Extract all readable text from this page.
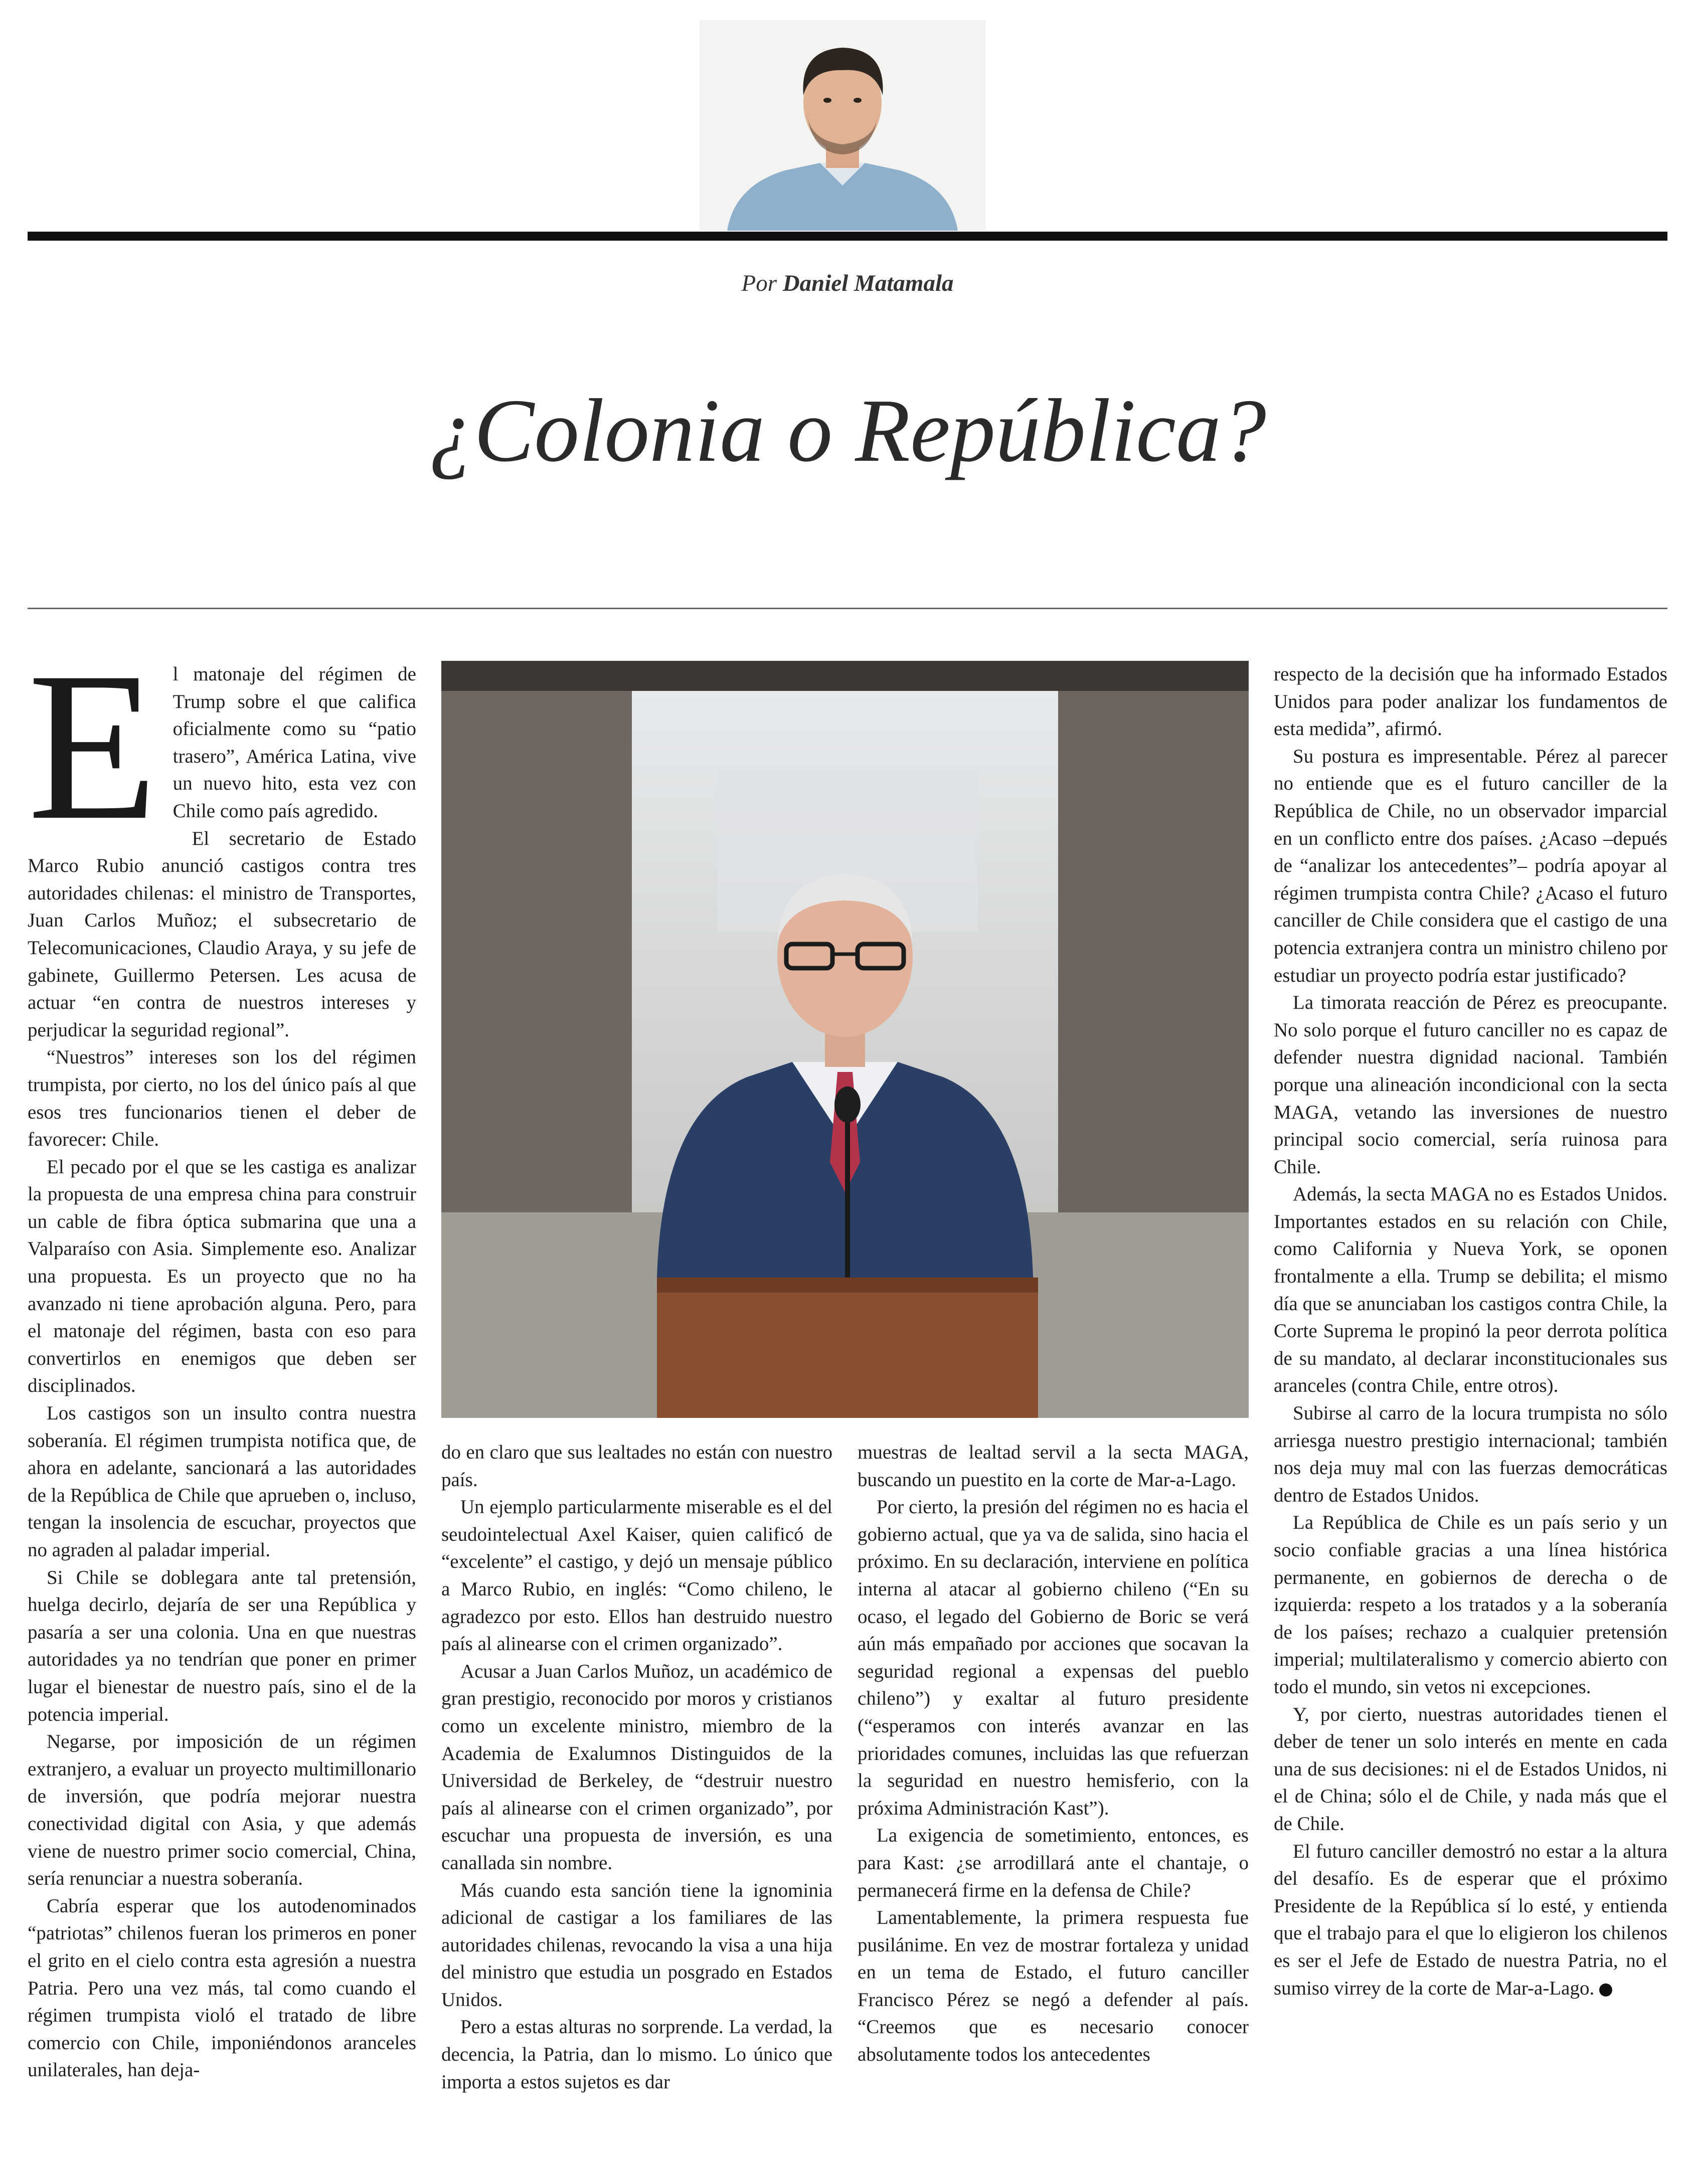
Por Daniel Matamala
¿Colonia o República?
E l matonaje del régimen de Trump sobre el que califica oficialmente como su “patio trasero”, América Latina, vive un nuevo hito, esta vez con Chile como país agredido.

El secretario de Estado Marco Rubio anunció castigos contra tres autoridades chilenas: el ministro de Transportes, Juan Carlos Muñoz; el subsecretario de Telecomunicaciones, Claudio Araya, y su jefe de gabinete, Guillermo Petersen. Les acusa de actuar “en contra de nuestros intereses y perjudicar la seguridad regional”.

“Nuestros” intereses son los del régimen trumpista, por cierto, no los del único país al que esos tres funcionarios tienen el deber de favorecer: Chile.

El pecado por el que se les castiga es analizar la propuesta de una empresa china para construir un cable de fibra óptica submarina que una a Valparaíso con Asia. Simplemente eso. Analizar una propuesta. Es un proyecto que no ha avanzado ni tiene aprobación alguna. Pero, para el matonaje del régimen, basta con eso para convertirlos en enemigos que deben ser disciplinados.

Los castigos son un insulto contra nuestra soberanía. El régimen trumpista notifica que, de ahora en adelante, sancionará a las autoridades de la República de Chile que aprueben o, incluso, tengan la insolencia de escuchar, proyectos que no agraden al paladar imperial.

Si Chile se doblegara ante tal pretensión, huelga decirlo, dejaría de ser una República y pasaría a ser una colonia. Una en que nuestras autoridades ya no tendrían que poner en primer lugar el bienestar de nuestro país, sino el de la potencia imperial.

Negarse, por imposición de un régimen extranjero, a evaluar un proyecto multimillonario de inversión, que podría mejorar nuestra conectividad digital con Asia, y que además viene de nuestro primer socio comercial, China, sería renunciar a nuestra soberanía.

Cabría esperar que los autodenominados “patriotas” chilenos fueran los primeros en poner el grito en el cielo contra esta agresión a nuestra Patria. Pero una vez más, tal como cuando el régimen trumpista violó el tratado de libre comercio con Chile, imponiéndonos aranceles unilaterales, han deja-

do en claro que sus lealtades no están con nuestro país.

Un ejemplo particularmente miserable es el del seudointelectual Axel Kaiser, quien calificó de “excelente” el castigo, y dejó un mensaje público a Marco Rubio, en inglés: “Como chileno, le agradezco por esto. Ellos han destruido nuestro país al alinearse con el crimen organizado”.

Acusar a Juan Carlos Muñoz, un académico de gran prestigio, reconocido por moros y cristianos como un excelente ministro, miembro de la Academia de Exalumnos Distinguidos de la Universidad de Berkeley, de “destruir nuestro país al alinearse con el crimen organizado”, por escuchar una propuesta de inversión, es una canallada sin nombre.

Más cuando esta sanción tiene la ignominia adicional de castigar a los familiares de las autoridades chilenas, revocando la visa a una hija del ministro que estudia un posgrado en Estados Unidos.

Pero a estas alturas no sorprende. La verdad, la decencia, la Patria, dan lo mismo. Lo único que importa a estos sujetos es dar

muestras de lealtad servil a la secta MAGA, buscando un puestito en la corte de Mar-a-Lago.

Por cierto, la presión del régimen no es hacia el gobierno actual, que ya va de salida, sino hacia el próximo. En su declaración, interviene en política interna al atacar al gobierno chileno (“En su ocaso, el legado del Gobierno de Boric se verá aún más empañado por acciones que socavan la seguridad regional a expensas del pueblo chileno”) y exaltar al futuro presidente (“esperamos con interés avanzar en las prioridades comunes, incluidas las que refuerzan la seguridad en nuestro hemisferio, con la próxima Administración Kast”).

La exigencia de sometimiento, entonces, es para Kast: ¿se arrodillará ante el chantaje, o permanecerá firme en la defensa de Chile?

Lamentablemente, la primera respuesta fue pusilánime. En vez de mostrar fortaleza y unidad en un tema de Estado, el futuro canciller Francisco Pérez se negó a defender al país. “Creemos que es necesario conocer absolutamente todos los antecedentes

respecto de la decisión que ha informado Estados Unidos para poder analizar los fundamentos de esta medida”, afirmó.

Su postura es impresentable. Pérez al parecer no entiende que es el futuro canciller de la República de Chile, no un observador imparcial en un conflicto entre dos países. ¿Acaso –depués de “analizar los antecedentes”– podría apoyar al régimen trumpista contra Chile? ¿Acaso el futuro canciller de Chile considera que el castigo de una potencia extranjera contra un ministro chileno por estudiar un proyecto podría estar justificado?

La timorata reacción de Pérez es preocupante. No solo porque el futuro canciller no es capaz de defender nuestra dignidad nacional. También porque una alineación incondicional con la secta MAGA, vetando las inversiones de nuestro principal socio comercial, sería ruinosa para Chile.

Además, la secta MAGA no es Estados Unidos. Importantes estados en su relación con Chile, como California y Nueva York, se oponen frontalmente a ella. Trump se debilita; el mismo día que se anunciaban los castigos contra Chile, la Corte Suprema le propinó la peor derrota política de su mandato, al declarar inconstitucionales sus aranceles (contra Chile, entre otros).

Subirse al carro de la locura trumpista no sólo arriesga nuestro prestigio internacional; también nos deja muy mal con las fuerzas democráticas dentro de Estados Unidos.

La República de Chile es un país serio y un socio confiable gracias a una línea histórica permanente, en gobiernos de derecha o de izquierda: respeto a los tratados y a la soberanía de los países; rechazo a cualquier pretensión imperial; multilateralismo y comercio abierto con todo el mundo, sin vetos ni excepciones.

Y, por cierto, nuestras autoridades tienen el deber de tener un solo interés en mente en cada una de sus decisiones: ni el de Estados Unidos, ni el de China; sólo el de Chile, y nada más que el de Chile.

El futuro canciller demostró no estar a la altura del desafío. Es de esperar que el próximo Presidente de la República sí lo esté, y entienda que el trabajo para el que lo eligieron los chilenos es ser el Jefe de Estado de nuestra Patria, no el sumiso virrey de la corte de Mar-a-Lago.
